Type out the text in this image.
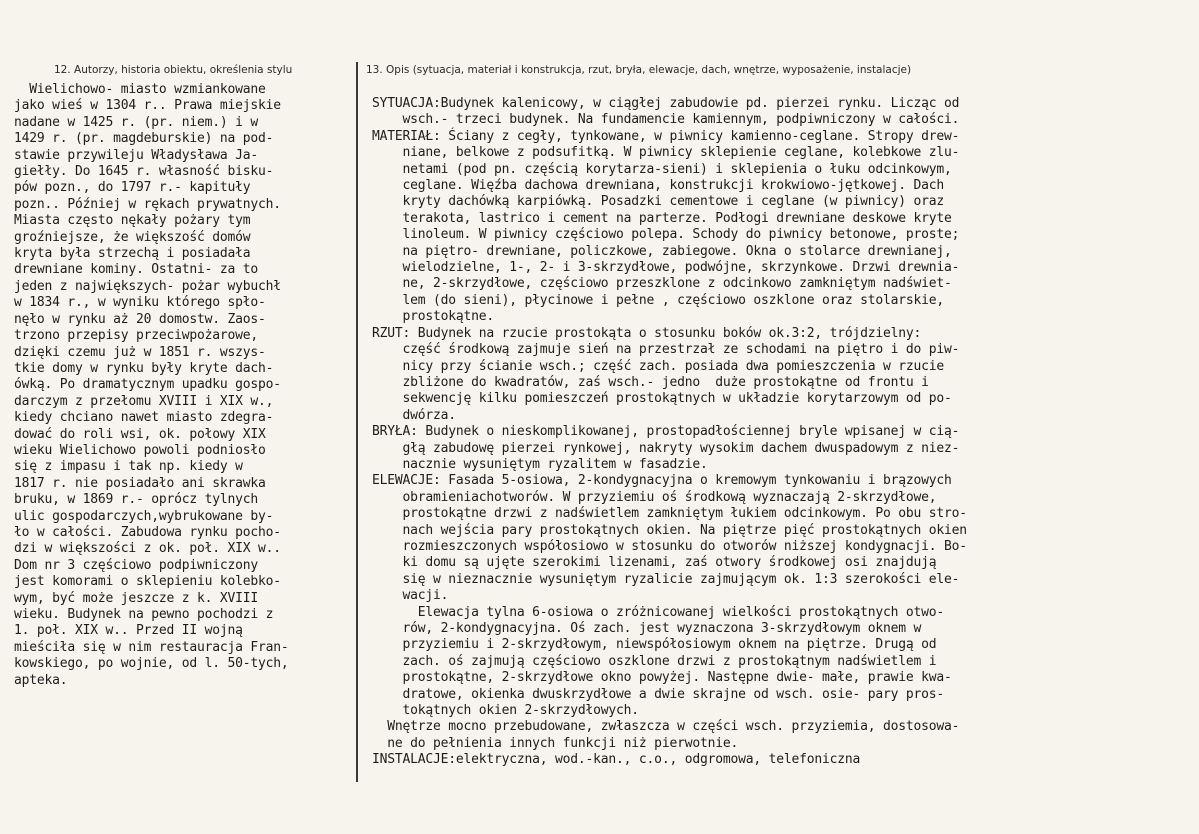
12. Autorzy, historia obiektu, określenia stylu	13. Opis (sytuacja, materiał i konstrukcja, rzut, bryła, elewacje, dach, wnętrze, wyposażenie, instalacje)
Wielichowo- miasto wzmiankowane
jako wieś w 1304 r.. Prawa miejskie
nadane w 1425 r. (pr. niem.) i w
1429 r. (pr. magdeburskie) na pod-
stawie przywileju Władysława Ja-
giełły. Do 1645 r. własność bisku-
pów pozn., do 1797 r.- kapituły
pozn.. Później w rękach prywatnych.
Miasta często nękały pożary tym
groźniejsze, że większość domów
kryta była strzechą i posiadała
drewniane kominy. Ostatni- za to
jeden z największych- pożar wybuchł
w 1834 r., w wyniku którego spło-
nęło w rynku aż 20 domostw. Zaos-
trzono przepisy przeciwpożarowe,
dzięki czemu już w 1851 r. wszys-
tkie domy w rynku były kryte dach-
ówką. Po dramatycznym upadku gospo-
darczym z przełomu XVIII i XIX w.,
kiedy chciano nawet miasto zdegra-
dować do roli wsi, ok. połowy XIX
wieku Wielichowo powoli podniosło
się z impasu i tak np. kiedy w
1817 r. nie posiadało ani skrawka
bruku, w 1869 r.- oprócz tylnych
ulic gospodarczych,wybrukowane by-
ło w całości. Zabudowa rynku pocho-
dzi w większości z ok. poł. XIX w..
Dom nr 3 częściowo podpiwniczony
jest komorami o sklepieniu kolebko-
wym, być może jeszcze z k. XVIII
wieku. Budynek na pewno pochodzi z
1. poł. XIX w.. Przed II wojną
mieściła się w nim restauracja Fran-
kowskiego, po wojnie, od l. 50-tych,
apteka.
SYTUACJA:Budynek kalenicowy, w ciągłej zabudowie pd. pierzei rynku. Licząc od
wsch.- trzeci budynek. Na fundamencie kamiennym, podpiwniczony w całości.
MATERIAŁ: Ściany z cegły, tynkowane, w piwnicy kamienno-ceglane. Stropy drew-
niane, belkowe z podsufitką. W piwnicy sklepienie ceglane, kolebkowe zlu-
netami (pod pn. częścią korytarza-sieni) i sklepienia o łuku odcinkowym,
ceglane. Więźba dachowa drewniana, konstrukcji krokwiowo-jętkowej. Dach
kryty dachówką karpiówką. Posadzki cementowe i ceglane (w piwnicy) oraz
terakota, lastrico i cement na parterze. Podłogi drewniane deskowe kryte
linoleum. W piwnicy częściowo polepa. Schody do piwnicy betonowe, proste;
na piętro- drewniane, policzkowe, zabiegowe. Okna o stolarce drewnianej,
wielodzielne, 1-, 2- i 3-skrzydłowe, podwójne, skrzynkowe. Drzwi drewnia-
ne, 2-skrzydłowe, częściowo przeszklone z odcinkowo zamkniętym nadświet-
lem (do sieni), płycinowe i pełne , częściowo oszklone oraz stolarskie,
prostokątne.
RZUT: Budynek na rzucie prostokąta o stosunku boków ok.3:2, trójdzielny:
część środkową zajmuje sień na przestrzał ze schodami na piętro i do piw-
nicy przy ścianie wsch.; część zach. posiada dwa pomieszczenia w rzucie
zbliżone do kwadratów, zaś wsch.- jedno  duże prostokątne od frontu i
sekwencję kilku pomieszczeń prostokątnych w układzie korytarzowym od po-
dwórza.
BRYŁA: Budynek o nieskomplikowanej, prostopadłościennej bryle wpisanej w cią-
głą zabudowę pierzei rynkowej, nakryty wysokim dachem dwuspadowym z niez-
nacznie wysuniętym ryzalitem w fasadzie.
ELEWACJE: Fasada 5-osiowa, 2-kondygnacyjna o kremowym tynkowaniu i brązowych
obramieniachotworów. W przyziemiu oś środkową wyznaczają 2-skrzydłowe,
prostokątne drzwi z nadświetlem zamkniętym łukiem odcinkowym. Po obu stro-
nach wejścia pary prostokątnych okien. Na piętrze pięć prostokątnych okien
rozmieszczonych współosiowo w stosunku do otworów niższej kondygnacji. Bo-
ki domu są ujęte szerokimi lizenami, zaś otwory środkowej osi znajdują
się w nieznacznie wysuniętym ryzalicie zajmującym ok. 1:3 szerokości ele-
wacji.
Elewacja tylna 6-osiowa o zróżnicowanej wielkości prostokątnych otwo-
rów, 2-kondygnacyjna. Oś zach. jest wyznaczona 3-skrzydłowym oknem w
przyziemiu i 2-skrzydłowym, niewspółosiowym oknem na piętrze. Drugą od
zach. oś zajmują częściowo oszklone drzwi z prostokątnym nadświetlem i
prostokątne, 2-skrzydłowe okno powyżej. Następne dwie- małe, prawie kwa-
dratowe, okienka dwuskrzydłowe a dwie skrajne od wsch. osie- pary pros-
tokątnych okien 2-skrzydłowych.
Wnętrze mocno przebudowane, zwłaszcza w części wsch. przyziemia, dostosowa-
ne do pełnienia innych funkcji niż pierwotnie.
INSTALACJE:elektryczna, wod.-kan., c.o., odgromowa, telefoniczna
